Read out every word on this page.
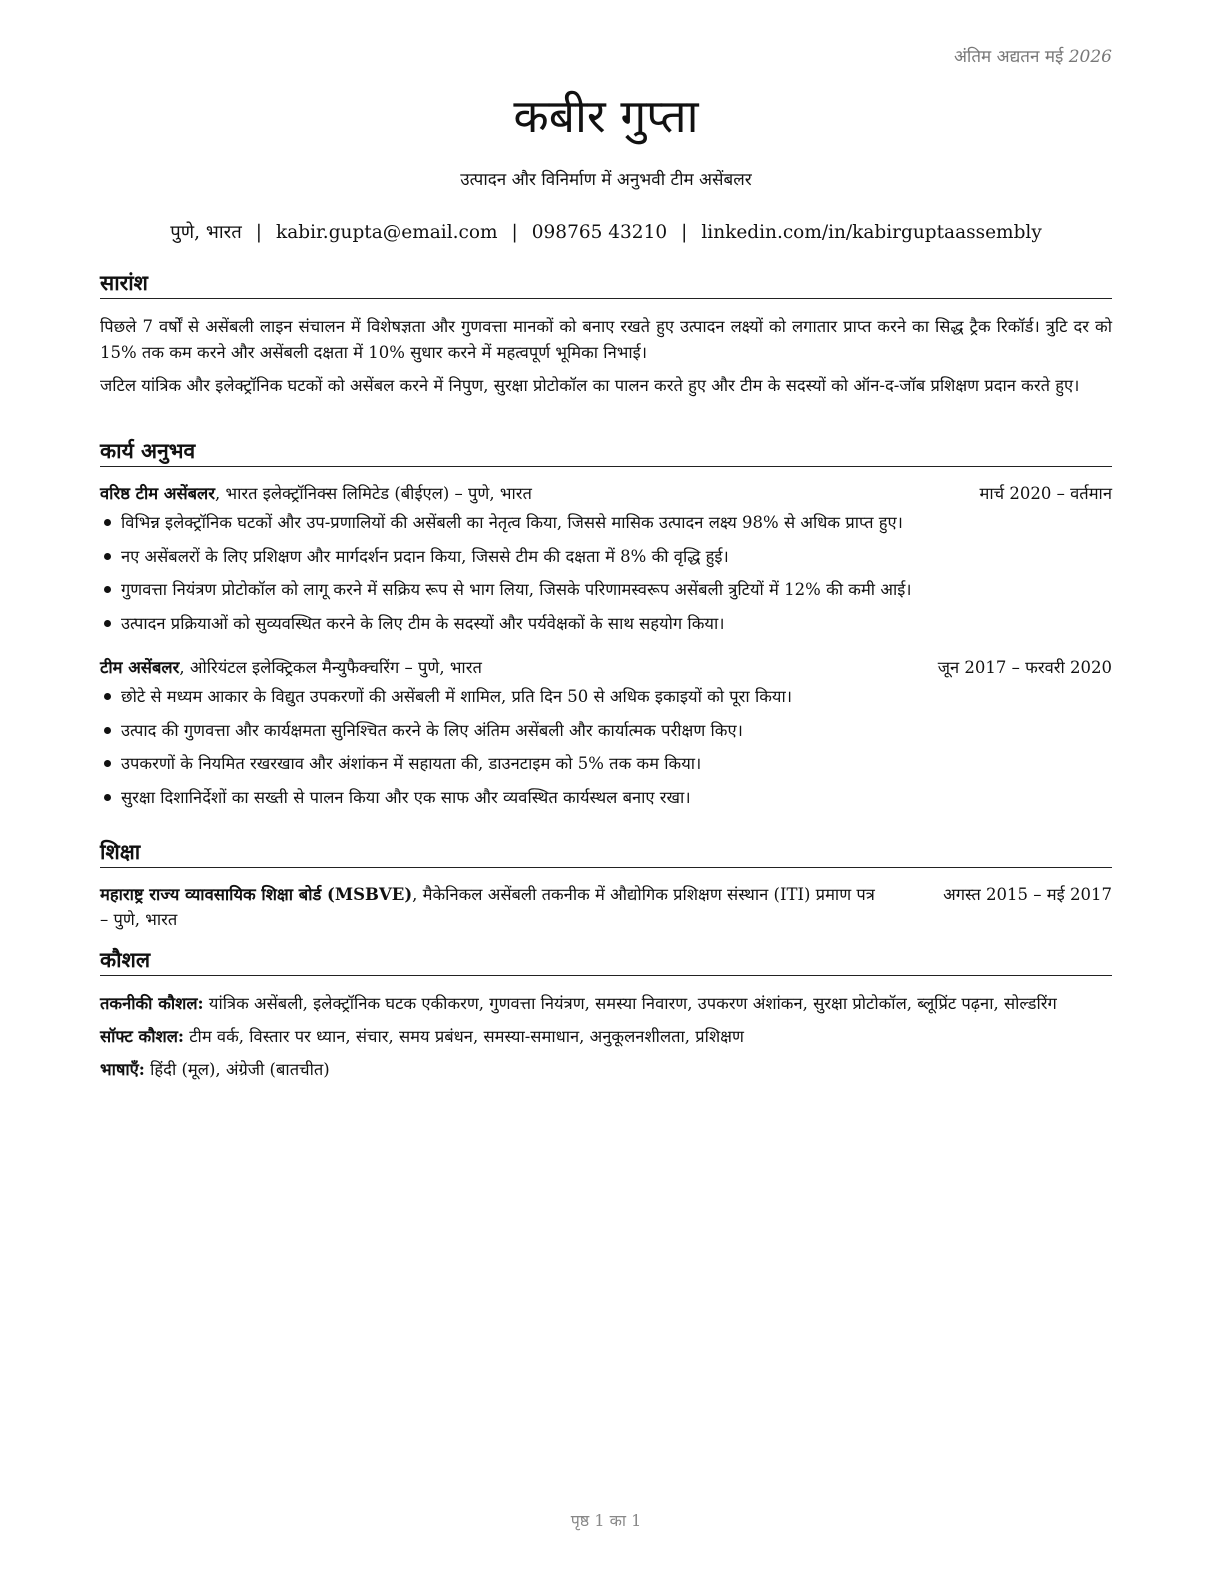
अंतिम अद्यतन मई 2026
कबीर गुप्ता
उत्पादन और विनिर्माण में अनुभवी टीम असेंबलर
पुणे, भारत | kabir.gupta@email.com | 098765 43210 | linkedin.com/in/kabirguptaassembly
सारांश

पिछले 7 वर्षों से असेंबली लाइन संचालन में विशेषज्ञता और गुणवत्ता मानकों को बनाए रखते हुए उत्पादन लक्ष्यों को लगातार प्राप्त करने का सिद्ध ट्रैक रिकॉर्ड। त्रुटि दर को 15% तक कम करने और असेंबली दक्षता में 10% सुधार करने में महत्वपूर्ण भूमिका निभाई।

जटिल यांत्रिक और इलेक्ट्रॉनिक घटकों को असेंबल करने में निपुण, सुरक्षा प्रोटोकॉल का पालन करते हुए और टीम के सदस्यों को ऑन-द-जॉब प्रशिक्षण प्रदान करते हुए।

कार्य अनुभव
वरिष्ठ टीम असेंबलर, भारत इलेक्ट्रॉनिक्स लिमिटेड (बीईएल) – पुणे, भारत	मार्च 2020 – वर्तमान
विभिन्न इलेक्ट्रॉनिक घटकों और उप-प्रणालियों की असेंबली का नेतृत्व किया, जिससे मासिक उत्पादन लक्ष्य 98% से अधिक प्राप्त हुए।
नए असेंबलरों के लिए प्रशिक्षण और मार्गदर्शन प्रदान किया, जिससे टीम की दक्षता में 8% की वृद्धि हुई।
गुणवत्ता नियंत्रण प्रोटोकॉल को लागू करने में सक्रिय रूप से भाग लिया, जिसके परिणामस्वरूप असेंबली त्रुटियों में 12% की कमी आई।
उत्पादन प्रक्रियाओं को सुव्यवस्थित करने के लिए टीम के सदस्यों और पर्यवेक्षकों के साथ सहयोग किया।
टीम असेंबलर, ओरियंटल इलेक्ट्रिकल मैन्युफैक्चरिंग – पुणे, भारत	जून 2017 – फरवरी 2020
छोटे से मध्यम आकार के विद्युत उपकरणों की असेंबली में शामिल, प्रति दिन 50 से अधिक इकाइयों को पूरा किया।
उत्पाद की गुणवत्ता और कार्यक्षमता सुनिश्चित करने के लिए अंतिम असेंबली और कार्यात्मक परीक्षण किए।
उपकरणों के नियमित रखरखाव और अंशांकन में सहायता की, डाउनटाइम को 5% तक कम किया।
सुरक्षा दिशानिर्देशों का सख्ती से पालन किया और एक साफ और व्यवस्थित कार्यस्थल बनाए रखा।
शिक्षा
महाराष्ट्र राज्य व्यावसायिक शिक्षा बोर्ड (MSBVE), मैकेनिकल असेंबली तकनीक में औद्योगिक प्रशिक्षण संस्थान (ITI) प्रमाण पत्र – पुणे, भारत
अगस्त 2015 – मई 2017
कौशल

तकनीकी कौशल: यांत्रिक असेंबली, इलेक्ट्रॉनिक घटक एकीकरण, गुणवत्ता नियंत्रण, समस्या निवारण, उपकरण अंशांकन, सुरक्षा प्रोटोकॉल, ब्लूप्रिंट पढ़ना, सोल्डरिंग

सॉफ्ट कौशल: टीम वर्क, विस्तार पर ध्यान, संचार, समय प्रबंधन, समस्या-समाधान, अनुकूलनशीलता, प्रशिक्षण

भाषाएँ: हिंदी (मूल), अंग्रेजी (बातचीत)

पृष्ठ 1 का 1
